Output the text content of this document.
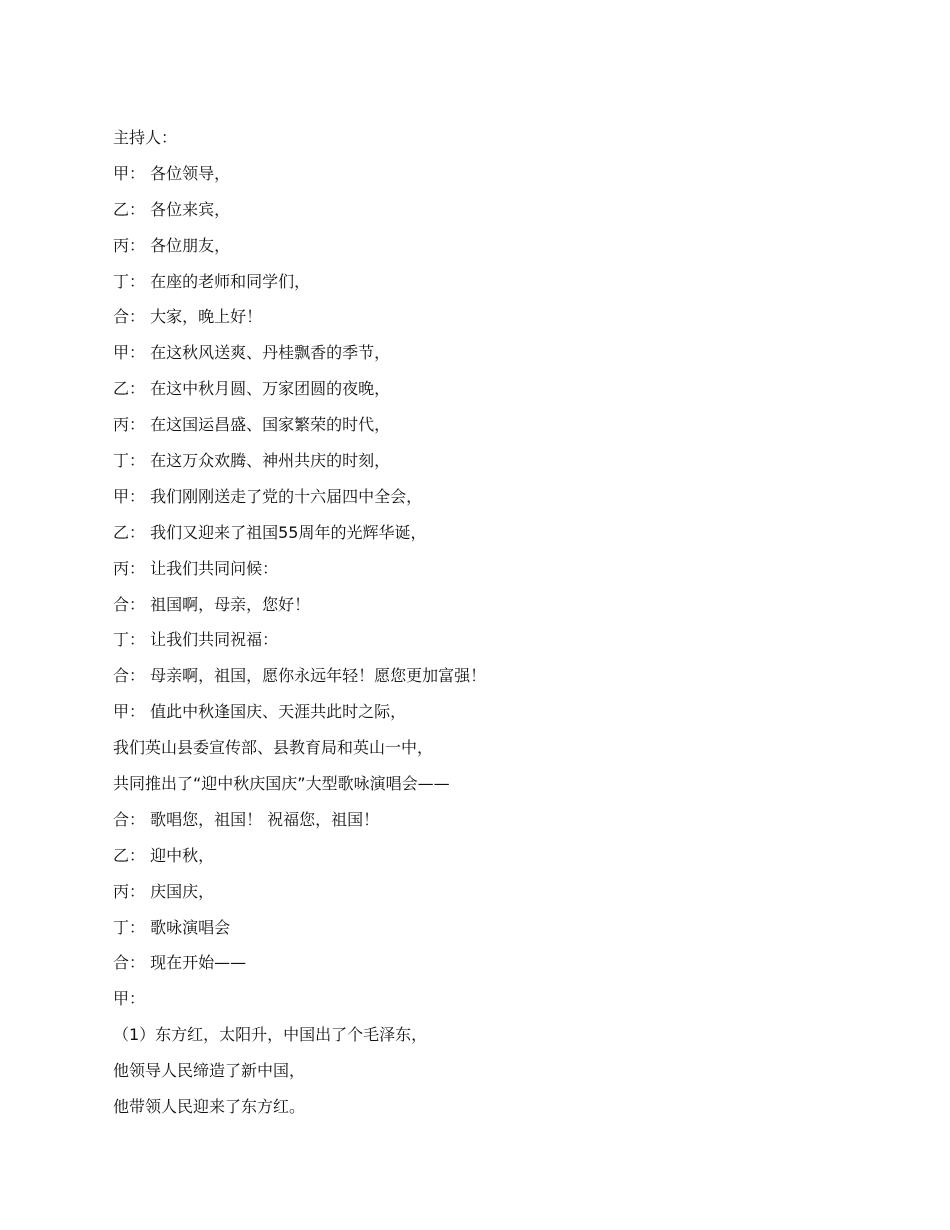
主持人：
甲： 各位领导，
乙： 各位来宾，
丙： 各位朋友，
丁： 在座的老师和同学们，
合： 大家，晚上好！
甲： 在这秋风送爽、丹桂飘香的季节，
乙： 在这中秋月圆、万家团圆的夜晚，
丙： 在这国运昌盛、国家繁荣的时代，
丁： 在这万众欢腾、神州共庆的时刻，
甲： 我们刚刚送走了党的十六届四中全会，
乙： 我们又迎来了祖国55周年的光辉华诞，
丙： 让我们共同问候：
合： 祖国啊，母亲，您好！
丁： 让我们共同祝福：
合： 母亲啊，祖国，愿你永远年轻！愿您更加富强！
甲： 值此中秋逢国庆、天涯共此时之际，
我们英山县委宣传部、县教育局和英山一中，
共同推出了“迎中秋庆国庆”大型歌咏演唱会——
合： 歌唱您，祖国！ 祝福您，祖国！
乙： 迎中秋，
丙： 庆国庆，
丁： 歌咏演唱会
合： 现在开始——
甲：
（1）东方红，太阳升，中国出了个毛泽东，
他领导人民缔造了新中国，
他带领人民迎来了东方红。
